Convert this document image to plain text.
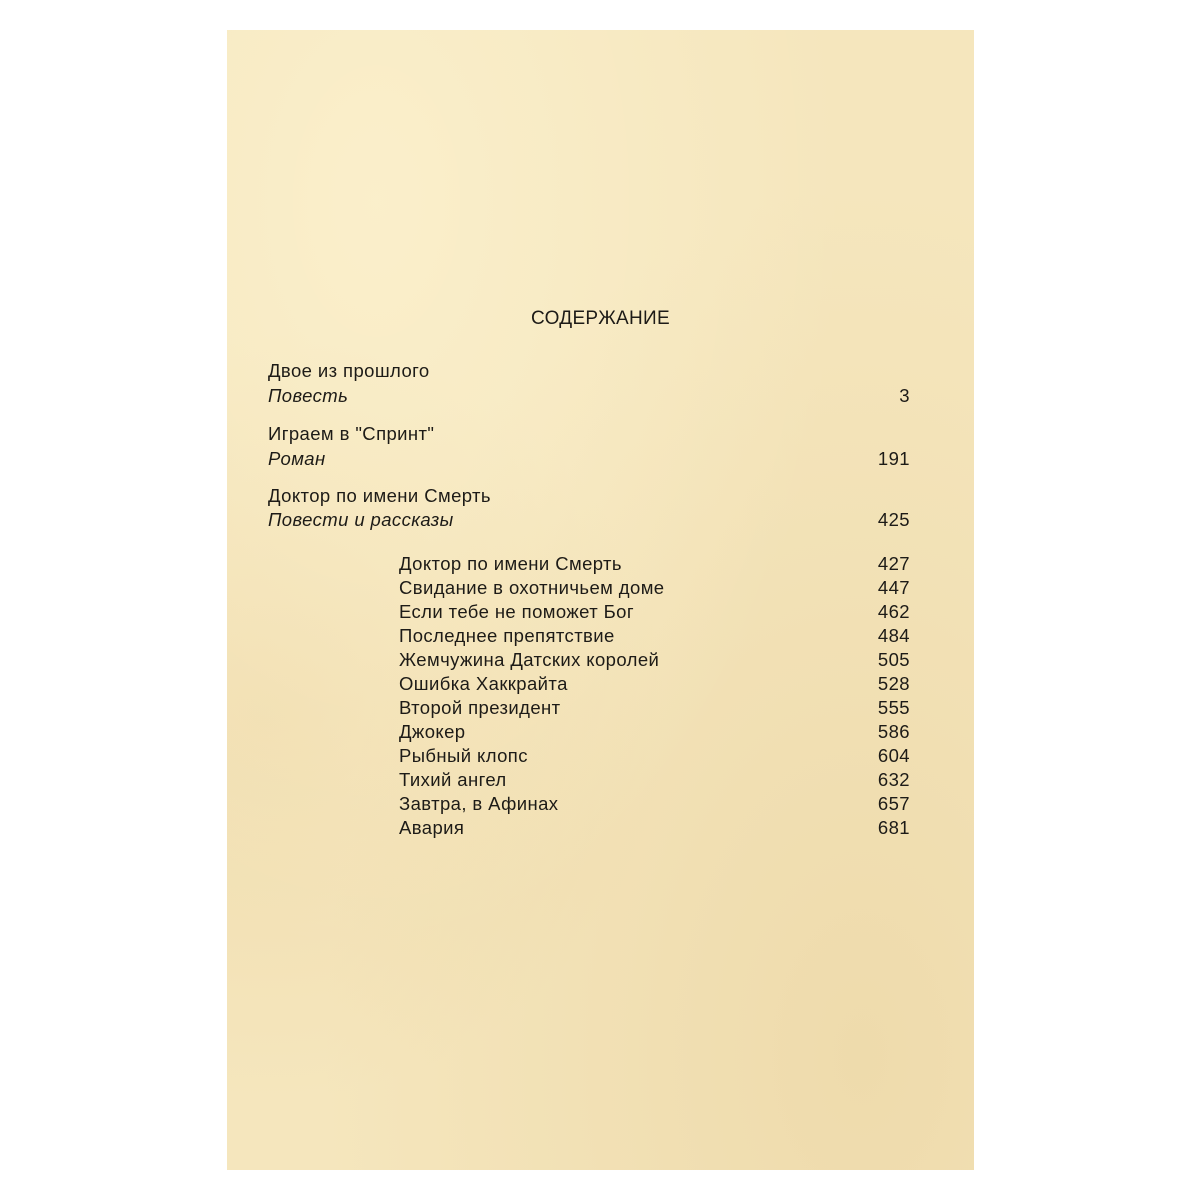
СОДЕРЖАНИЕ
Двое из прошлого
Повесть	3
Играем в "Спринт"
Роман	191
Доктор по имени Смерть
Повести и рассказы	425
Доктор по имени Смерть	427
Свидание в охотничьем доме	447
Если тебе не поможет Бог	462
Последнее препятствие	484
Жемчужина Датских королей	505
Ошибка Хаккрайта	528
Второй президент	555
Джокер	586
Рыбный клопс	604
Тихий ангел	632
Завтра, в Афинах	657
Авария	681
